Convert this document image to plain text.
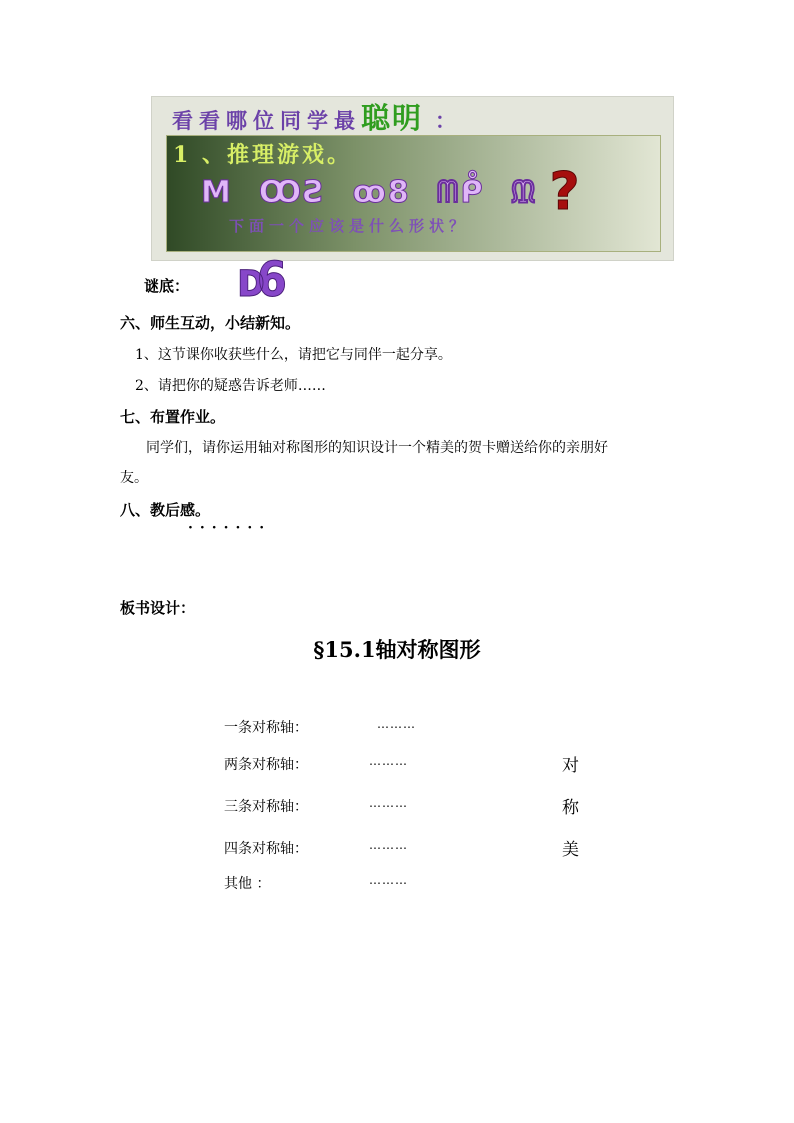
看看哪位同学最聪明 ：
1 、推理游戏。
M ꝎƧ ꝏ8 ᗰᑬ ᙢ ?
下面一个应该是什么形状？
谜底： ᴅ6
六、师生互动，小结新知。
1、这节课你收获些什么，请把它与同伴一起分享。
2、请把你的疑惑告诉老师……
七、布置作业。
同学们，请你运用轴对称图形的知识设计一个精美的贺卡赠送给你的亲朋好
友。
八、教后感。
·······
板书设计：
§15.1轴对称图形
一条对称轴：	………
两条对称轴：	………
三条对称轴：	………
四条对称轴：	………
其他 ：	………
对
称
美
